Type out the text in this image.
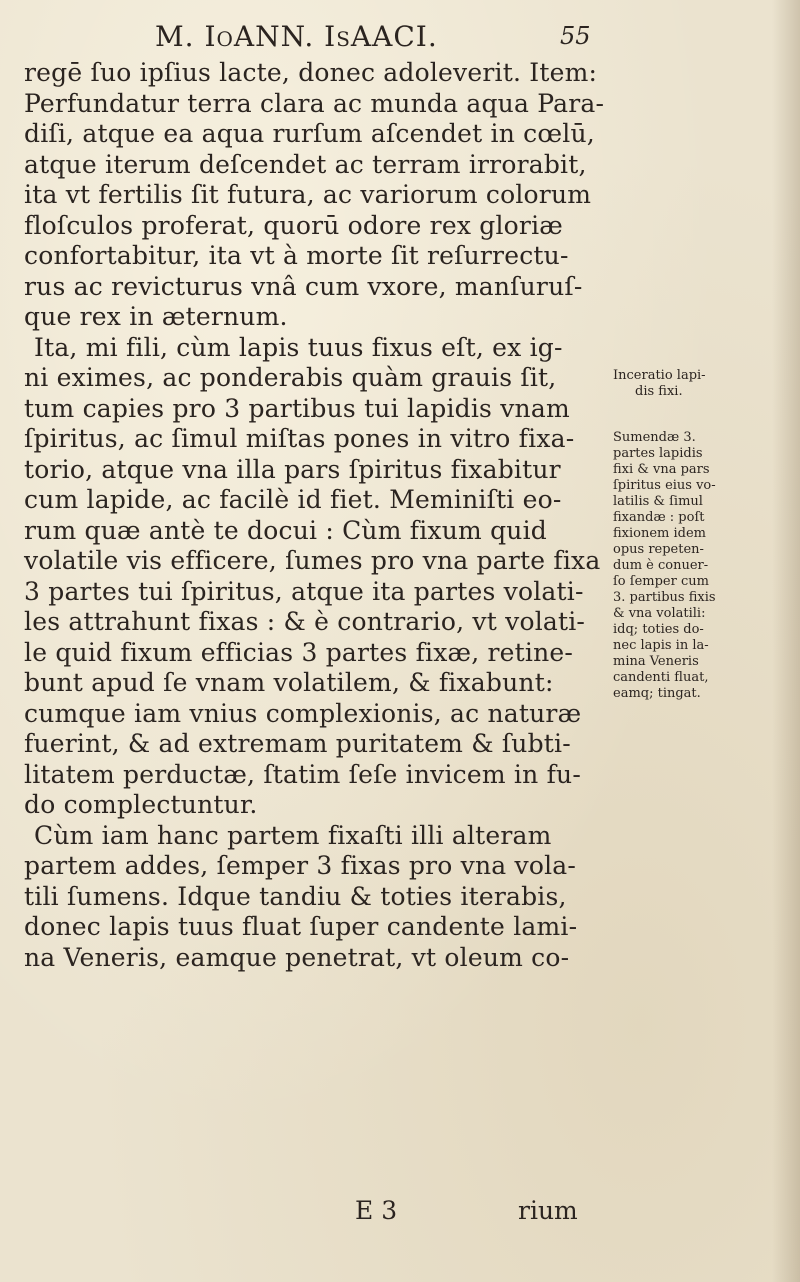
M. IoANN. IsAACI.	55
regē ſuo ipſius lacte, donec adoleverit. Item:
Perfundatur terra clara ac munda aqua Para-
diſi, atque ea aqua rurſum aſcendet in cœlū,
atque iterum deſcendet ac terram irrorabit,
ita vt fertilis ſit futura, ac variorum colorum
floſculos proferat, quorū odore rex gloriæ
confortabitur, ita vt à morte ſit reſurrectu-
rus ac revicturus vnâ cum vxore, manſuruſ-
que rex in æternum.
Ita, mi fili, cùm lapis tuus fixus eſt, ex ig-
ni eximes, ac ponderabis quàm grauis ſit,
tum capies pro 3 partibus tui lapidis vnam
ſpiritus, ac ſimul miſtas pones in vitro fixa-
torio, atque vna illa pars ſpiritus fixabitur
cum lapide, ac facilè id fiet. Meminiſti eo-
rum quæ antè te docui : Cùm fixum quid
volatile vis efficere, ſumes pro vna parte fixa
3 partes tui ſpiritus, atque ita partes volati-
les attrahunt fixas : & è contrario, vt volati-
le quid fixum efficias 3 partes fixæ, retine-
bunt apud ſe vnam volatilem, & fixabunt:
cumque iam vnius complexionis, ac naturæ
fuerint, & ad extremam puritatem & ſubti-
litatem perductæ, ſtatim ſeſe invicem in fu-
do complectuntur.
Cùm iam hanc partem fixaſti illi alteram
partem addes, ſemper 3 fixas pro vna vola-
tili ſumens. Idque tandiu & toties iterabis,
donec lapis tuus fluat ſuper candente lami-
na Veneris, eamque penetrat, vt oleum co-
Inceratio lapi-
dis fixi.
Sumendæ 3.
partes lapidis
fixi & vna pars
ſpiritus eius vo-
latilis & ſimul
fixandæ : poſt
fixionem idem
opus repeten-
dum è conuer-
ſo ſemper cum
3. partibus fixis
& vna volatili:
idq; toties do-
nec lapis in la-
mina Veneris
candenti fluat,
eamq; tingat.
E 3	rium
